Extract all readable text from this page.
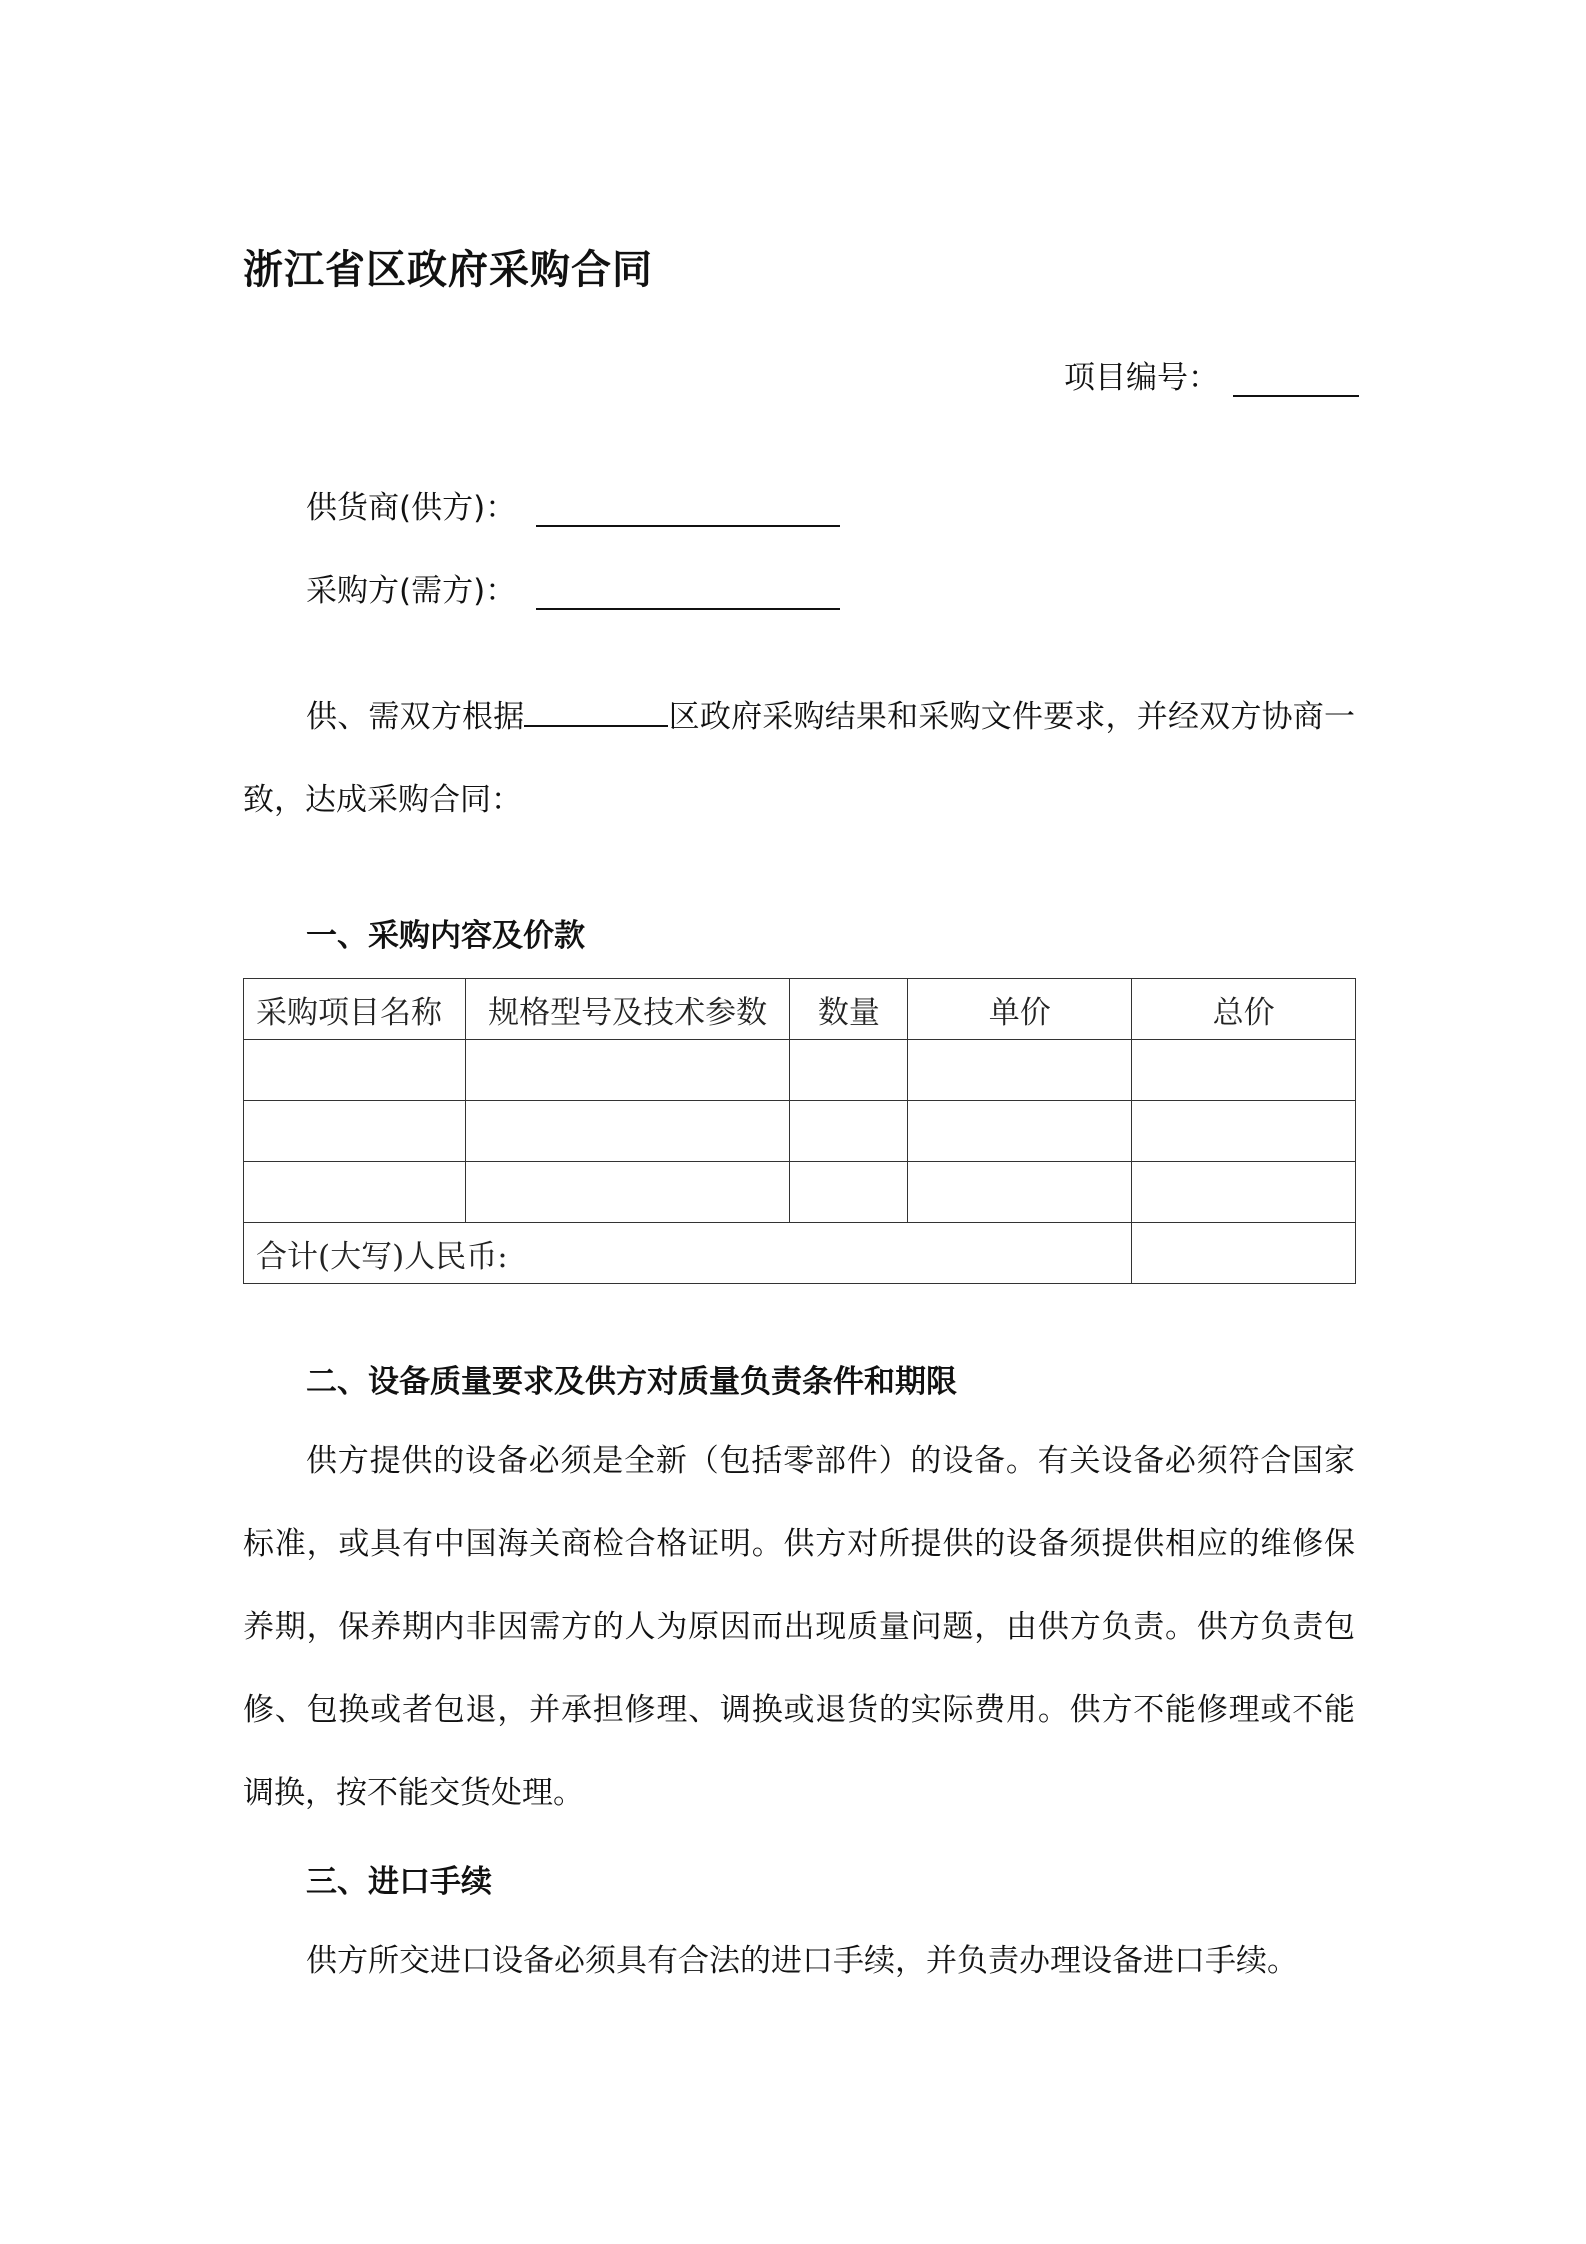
浙江省区政府采购合同
项目编号：
供货商(供方)：
采购方(需方)：

供、需双方根据	区政府采购结果和采购文件要求，并经双方协商一致，达成采购合同：

一、采购内容及价款
采购项目名称	规格型号及技术参数	数量	单价	总价

合计(大写)人民币:				
二、设备质量要求及供方对质量负责条件和期限

供方提供的设备必须是全新（包括零部件）的设备。有关设备必须符合国家标准，或具有中国海关商检合格证明。供方对所提供的设备须提供相应的维修保养期，保养期内非因需方的人为原因而出现质量问题，由供方负责。供方负责包修、包换或者包退，并承担修理、调换或退货的实际费用。供方不能修理或不能调换，按不能交货处理。

三、进口手续

供方所交进口设备必须具有合法的进口手续，并负责办理设备进口手续。
